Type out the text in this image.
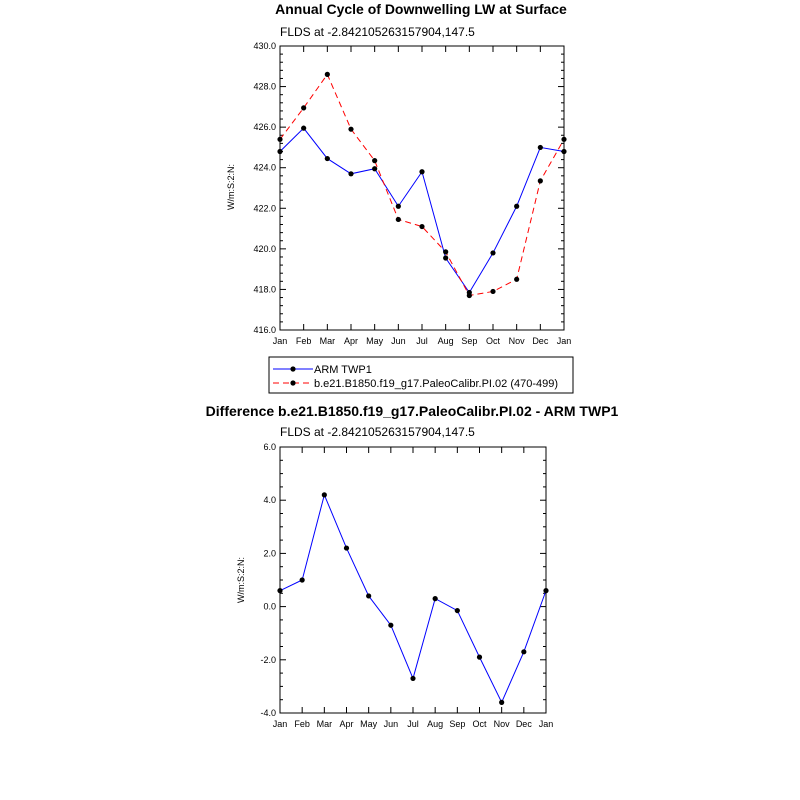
Annual Cycle of Downwelling LW at Surface
FLDS at -2.842105263157904,147.5
W/m:S:2:N:
416.0
418.0
420.0
422.0
424.0
426.0
428.0
430.0
Jan Feb Mar Apr May Jun Jul Aug Sep Oct Nov Dec Jan
ARM TWP1
b.e21.B1850.f19_g17.PaleoCalibr.PI.02 (470-499)
Difference b.e21.B1850.f19_g17.PaleoCalibr.PI.02 - ARM TWP1
FLDS at -2.842105263157904,147.5
W/m:S:2:N:
-4.0
-2.0
0.0
2.0
4.0
6.0
Jan Feb Mar Apr May Jun Jul Aug Sep Oct Nov Dec Jan
